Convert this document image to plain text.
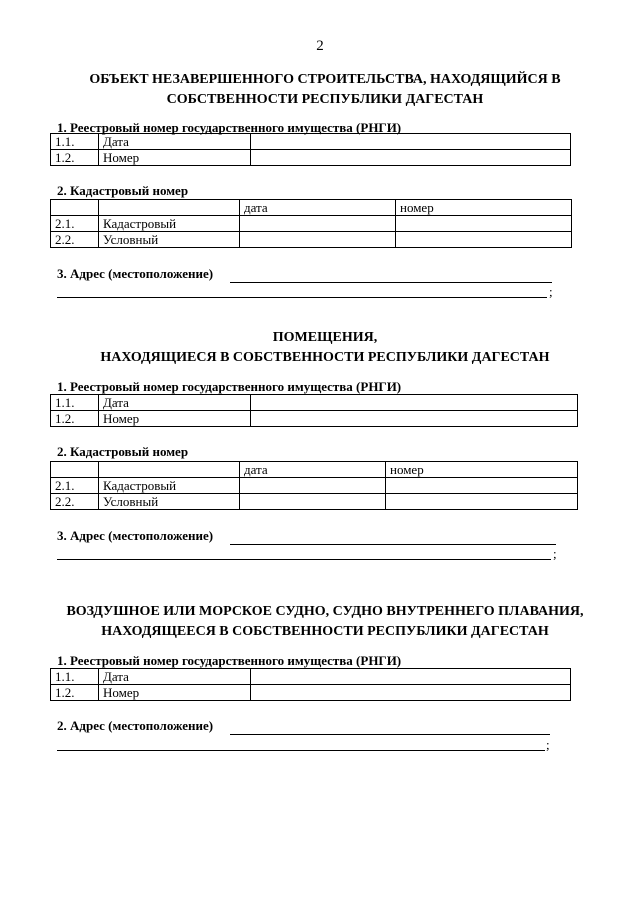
2
ОБЪЕКТ НЕЗАВЕРШЕННОГО СТРОИТЕЛЬСТВА, НАХОДЯЩИЙСЯ В
СОБСТВЕННОСТИ РЕСПУБЛИКИ ДАГЕСТАН
1. Реестровый номер государственного имущества (РНГИ)
1.1.	Дата	
1.2.	Номер	
2. Кадастровый номер
		дата	номер
2.1.	Кадастровый		
2.2.	Условный		
3. Адрес (местоположение)
;
ПОМЕЩЕНИЯ,
НАХОДЯЩИЕСЯ В СОБСТВЕННОСТИ РЕСПУБЛИКИ ДАГЕСТАН
1. Реестровый номер государственного имущества (РНГИ)
1.1.	Дата	
1.2.	Номер	
2. Кадастровый номер
		дата	номер
2.1.	Кадастровый		
2.2.	Условный		
3. Адрес (местоположение)
;
ВОЗДУШНОЕ ИЛИ МОРСКОЕ СУДНО, СУДНО ВНУТРЕННЕГО ПЛАВАНИЯ,
НАХОДЯЩЕЕСЯ В СОБСТВЕННОСТИ РЕСПУБЛИКИ ДАГЕСТАН
1. Реестровый номер государственного имущества (РНГИ)
1.1.	Дата	
1.2.	Номер	
2. Адрес (местоположение)
;
